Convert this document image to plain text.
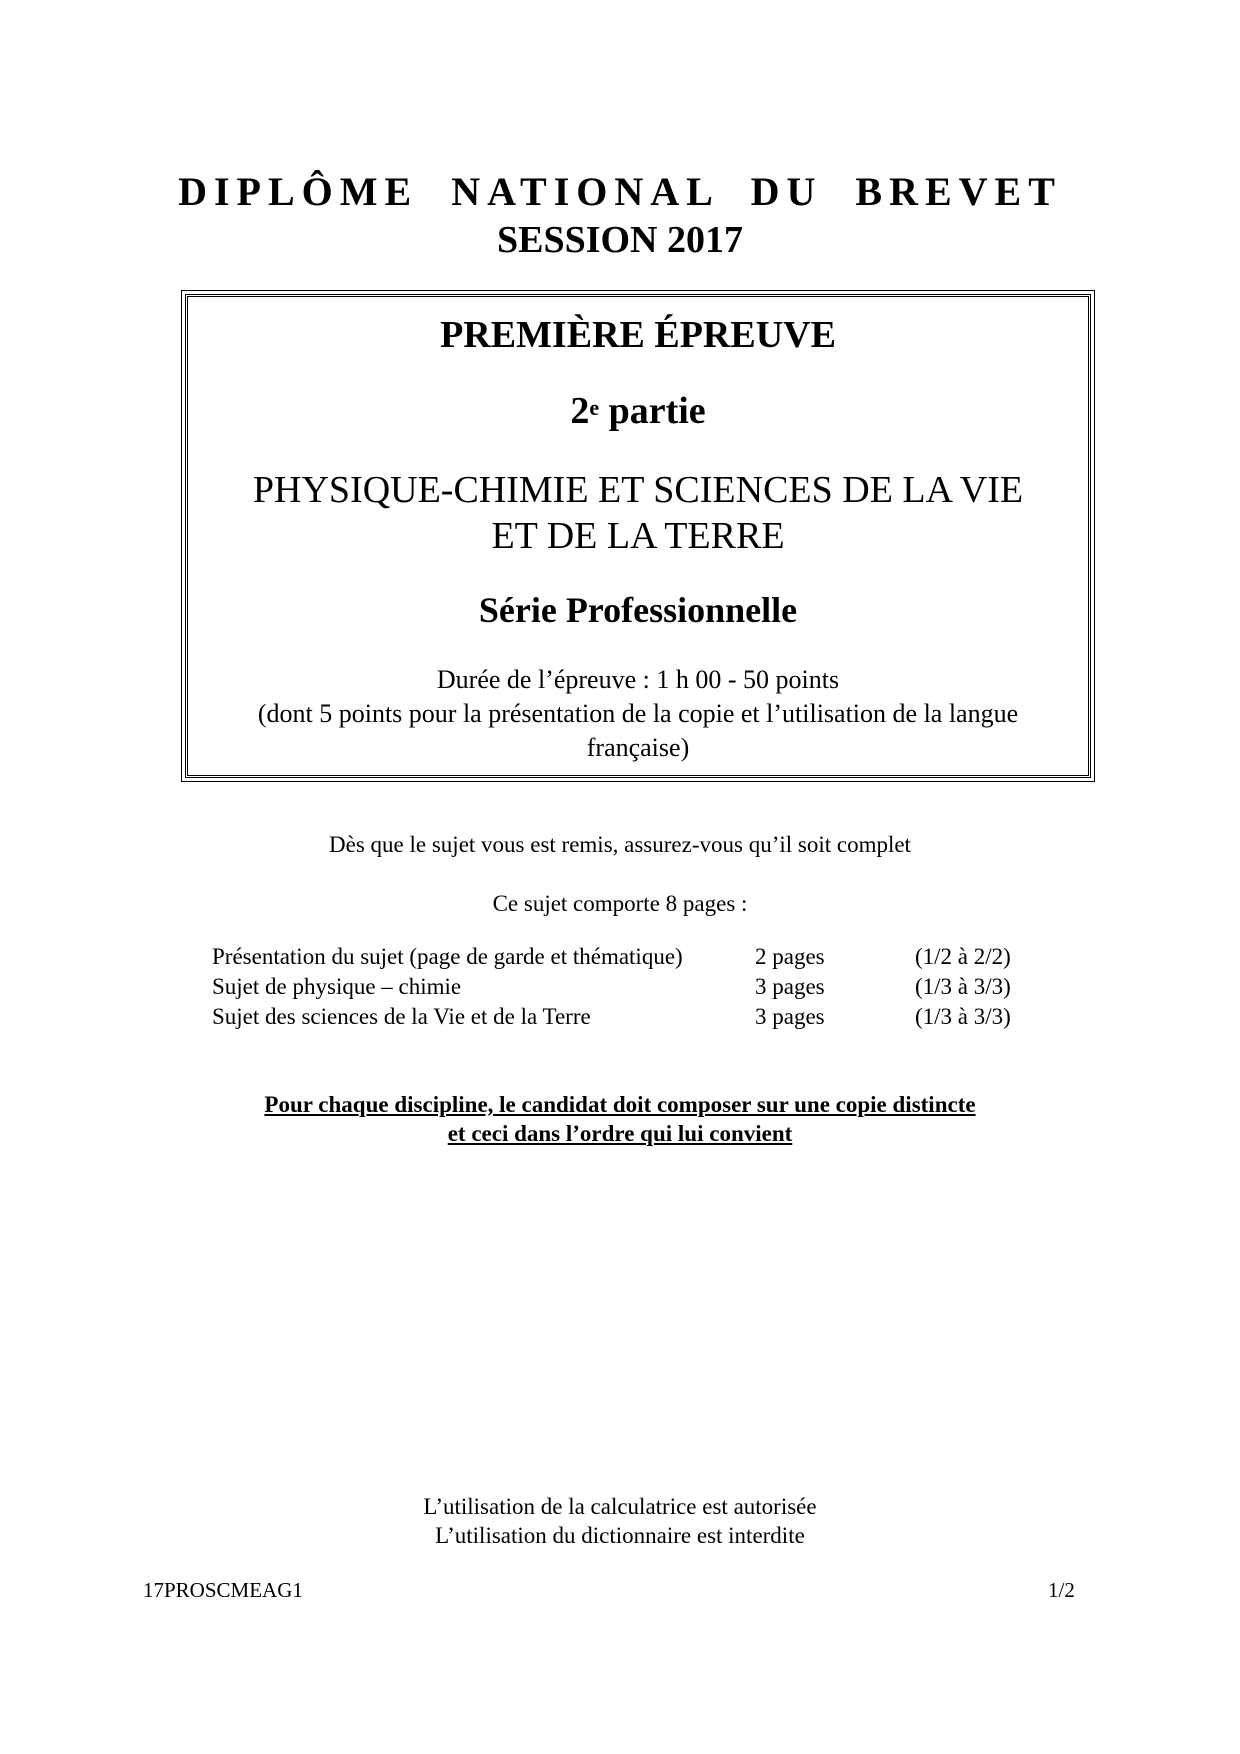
DIPLÔME NATIONAL DU BREVET
SESSION 2017
PREMIÈRE ÉPREUVE
2e partie
PHYSIQUE-CHIMIE ET SCIENCES DE LA VIE
ET DE LA TERRE
Série Professionnelle
Durée de l’épreuve : 1 h 00 - 50 points
(dont 5 points pour la présentation de la copie et l’utilisation de la langue
française)
Dès que le sujet vous est remis, assurez-vous qu’il soit complet
Ce sujet comporte 8 pages :
Présentation du sujet (page de garde et thématique)	2 pages	(1/2 à 2/2)
Sujet de physique – chimie	3 pages	(1/3 à 3/3)
Sujet des sciences de la Vie et de la Terre	3 pages	(1/3 à 3/3)
Pour chaque discipline, le candidat doit composer sur une copie distincte
et ceci dans l’ordre qui lui convient
L’utilisation de la calculatrice est autorisée
L’utilisation du dictionnaire est interdite
17PROSCMEAG1	1/2
